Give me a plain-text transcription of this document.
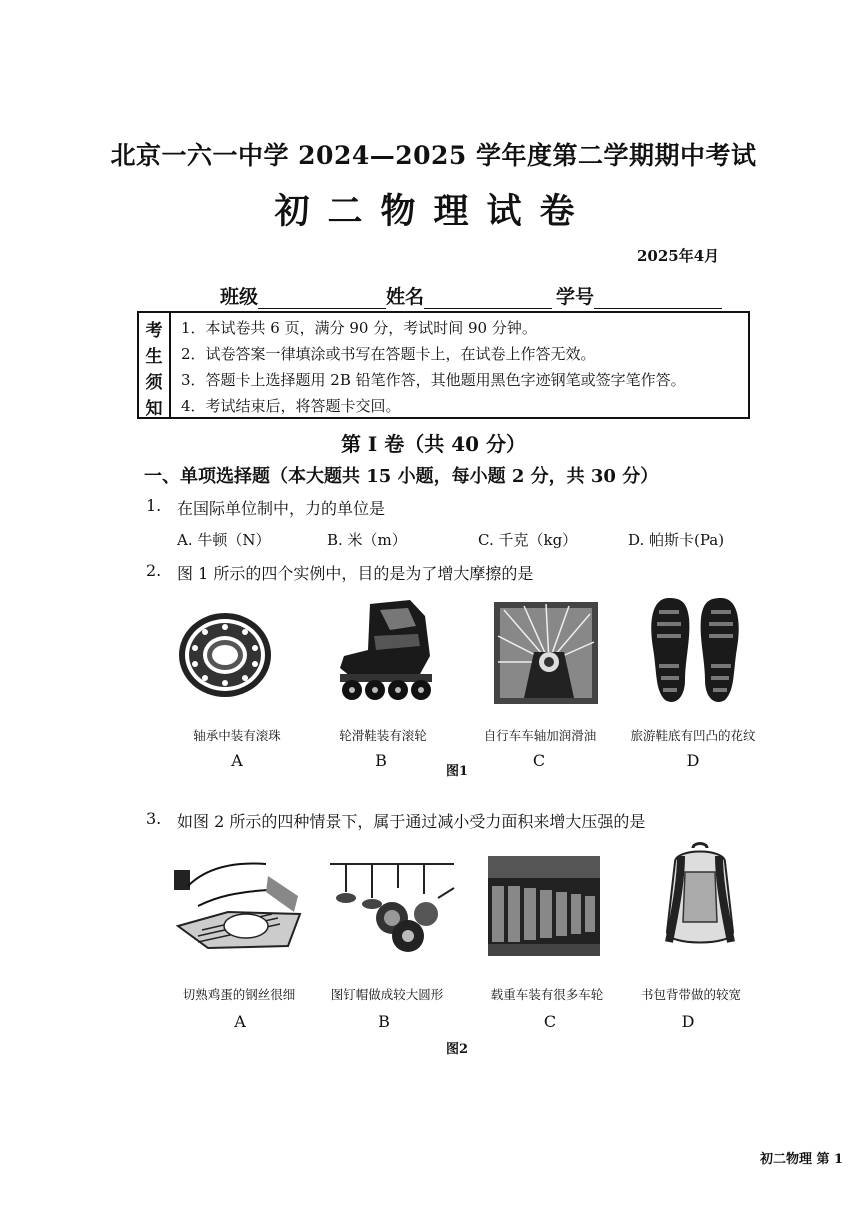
北京一六一中学 2024—2025 学年度第二学期期中考试
初二物理试卷
2025年4月
班级	姓名	学号
考
生
须
知
1．本试卷共 6 页，满分 90 分，考试时间 90 分钟。
2．试卷答案一律填涂或书写在答题卡上，在试卷上作答无效。
3．答题卡上选择题用 2B 铅笔作答，其他题用黑色字迹钢笔或签字笔作答。
4．考试结束后，将答题卡交回。
第 I 卷（共 40 分）
一、单项选择题（本大题共 15 小题，每小题 2 分，共 30 分）
1. 在国际单位制中，力的单位是
A. 牛顿（N）	B. 米（m）	C. 千克（kg）	D. 帕斯卡(Pa)
2. 图 1 所示的四个实例中，目的是为了增大摩擦的是
轴承中装有滚珠	轮滑鞋装有滚轮	自行车车轴加润滑油	旅游鞋底有凹凸的花纹
A	B	C	D
图1
3. 如图 2 所示的四种情景下，属于通过减小受力面积来增大压强的是
切熟鸡蛋的钢丝很细	图钉帽做成较大圆形	载重车装有很多车轮	书包背带做的较宽
A	B	C	D
图2
初二物理 第 1
